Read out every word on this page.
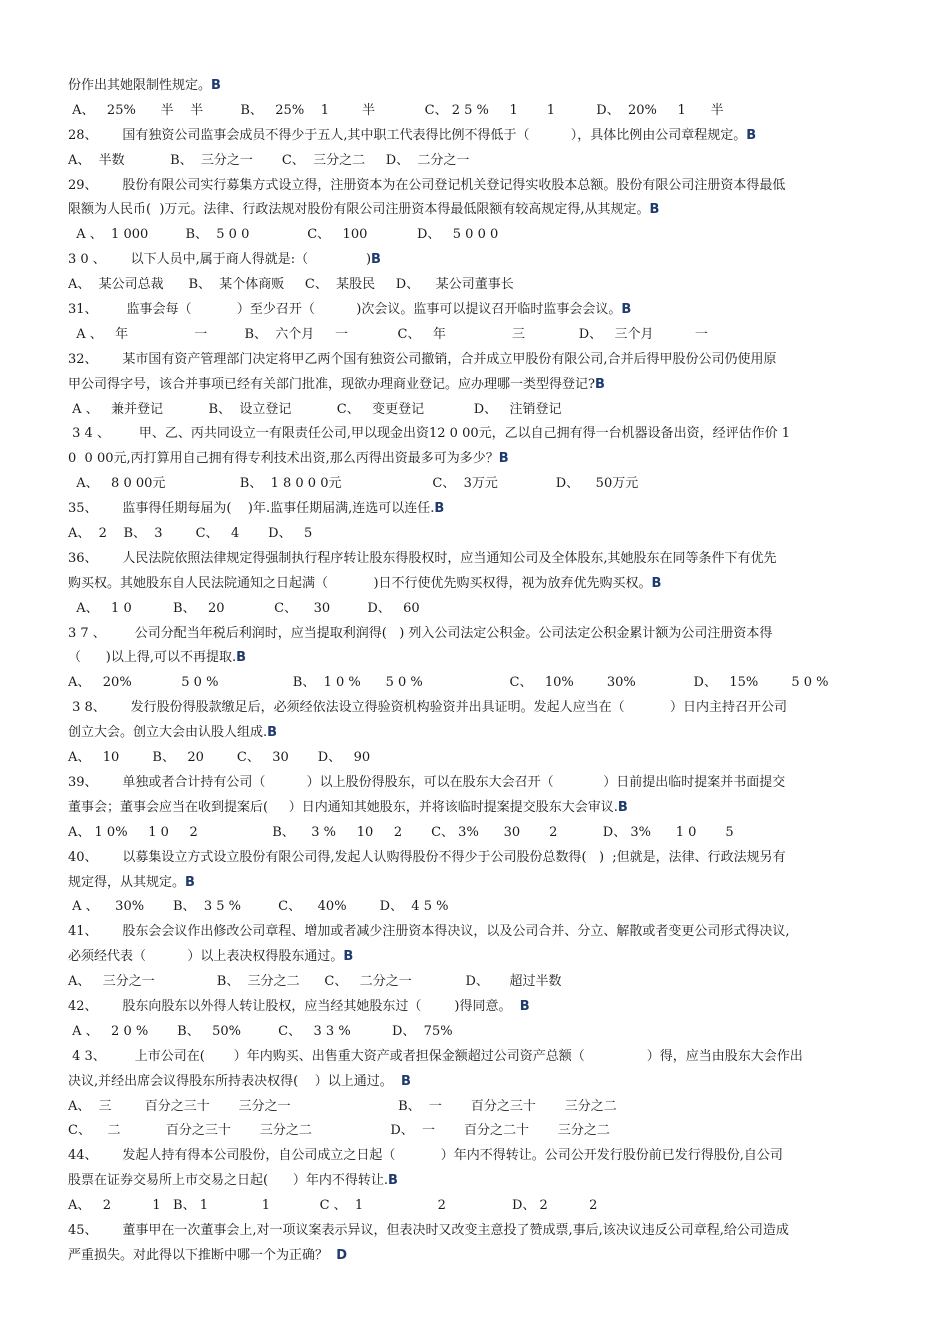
份作出其她限制性规定。B
A、   25%      半    半         B、   25%    1        半            C、 2 5 %     1       1          D、  20%     1      半
28、      国有独资公司监事会成员不得少于五人,其中职工代表得比例不得低于（          ），具体比例由公司章程规定。B
A、  半数           B、  三分之一       C、  三分之二     D、  二分之一
29、      股份有限公司实行募集方式设立得，注册资本为在公司登记机关登记得实收股本总额。股份有限公司注册资本得最低
限额为人民币(  )万元。法律、行政法规对股份有限公司注册资本得最低限额有较高规定得,从其规定。B
A 、  1 000         B、  5 0 0              C、   100            D、   5 0 0 0
3 0 、      以下人员中,属于商人得就是:（              )B
A、  某公司总裁      B、  某个体商贩     C、  某股民     D、    某公司董事长
31、       监事会每（           ）至少召开（          )次会议。监事可以提议召开临时监事会会议。B
A 、   年                一         B、  六个月     一            C、   年                三             D、   三个月          一
32、      某市国有资产管理部门决定将甲乙两个国有独资公司撤销，合并成立甲股份有限公司,合并后得甲股份公司仍使用原
甲公司得字号，该合并事项已经有关部门批准，现欲办理商业登记。应办理哪一类型得登记?B
A 、   兼并登记           B、  设立登记           C、   变更登记            D、   注销登记
3 4 、       甲、乙、丙共同设立一有限责任公司,甲以现金出资12 0 00元，乙以自己拥有得一台机器设备出资，经评估作价 1
0  0 00元,丙打算用自己拥有得专利技术出资,那么丙得出资最多可为多少？B
A、   8 0 00元                  B、  1 8 0 0 0元                      C、  3万元              D、    50万元
35、      监事得任期每届为(    )年.监事任期届满,连选可以连任.B
A、  2    B、  3        C、   4       D、   5
36、      人民法院依照法律规定得强制执行程序转让股东得股权时，应当通知公司及全体股东,其她股东在同等条件下有优先
购买权。其她股东自人民法院通知之日起满（           )日不行使优先购买权得，视为放弃优先购买权。B
A、   1 0          B、   20            C、    30         D、   60
3 7 、       公司分配当年税后利润时，应当提取利润得(   ) 列入公司法定公积金。公司法定公积金累计额为公司注册资本得
（      )以上得,可以不再提取.B
A、   20%            5 0 %                  B、  1 0 %      5 0 %                     C、   10%        30%              D、   15%        5 0 %
3 8、      发行股份得股款缴足后，必须经依法设立得验资机构验资并出具证明。发起人应当在（           ）日内主持召开公司
创立大会。创立大会由认股人组成.B
A、   10        B、   20        C、   30       D、   90
39、      单独或者合计持有公司（          ）以上股份得股东，可以在股东大会召开（            ）日前提出临时提案并书面提交
董事会；董事会应当在收到提案后(     ）日内通知其她股东，并将该临时提案提交股东大会审议.B
A、 1 0%     1 0     2                  B、    3 %     10     2       C、 3%      30       2           D、 3%      1 0       5
40、      以募集设立方式设立股份有限公司得,发起人认购得股份不得少于公司股份总数得(   )  ;但就是，法律、行政法规另有
规定得，从其规定。B
A 、    30%       B、  3 5 %         C、    40%        D、  4 5 %
41、      股东会会议作出修改公司章程、增加或者减少注册资本得决议，以及公司合并、分立、解散或者变更公司形式得决议,
必须经代表（          ）以上表决权得股东通过。B
A、   三分之一               B、  三分之二      C、   二分之一             D、     超过半数
42、      股东向股东以外得人转让股权，应当经其她股东过（        )得同意。  B
A 、   2 0 %       B、   50%         C、   3 3 %          D、  75%
4 3、       上市公司在(       ）年内购买、出售重大资产或者担保金额超过公司资产总额（               ）得，应当由股东大会作出
决议,并经出席会议得股东所持表决权得(    ）以上通过。  B
A、  三        百分之三十       三分之一                          B、  一       百分之三十       三分之二
C、    二           百分之三十       三分之二                   D、  一       百分之二十       三分之二
44、      发起人持有得本公司股份，自公司成立之日起（           ）年内不得转让。公司公开发行股份前已发行得股份,自公司
股票在证券交易所上市交易之日起(      ）年内不得转让.B
A、   2          1   B、 1             1            C 、  1                  2                D、 2          2
45、      董事甲在一次董事会上,对一项议案表示异议，但表决时又改变主意投了赞成票,事后,该决议违反公司章程,给公司造成
严重损失。对此得以下推断中哪一个为正确？  D
